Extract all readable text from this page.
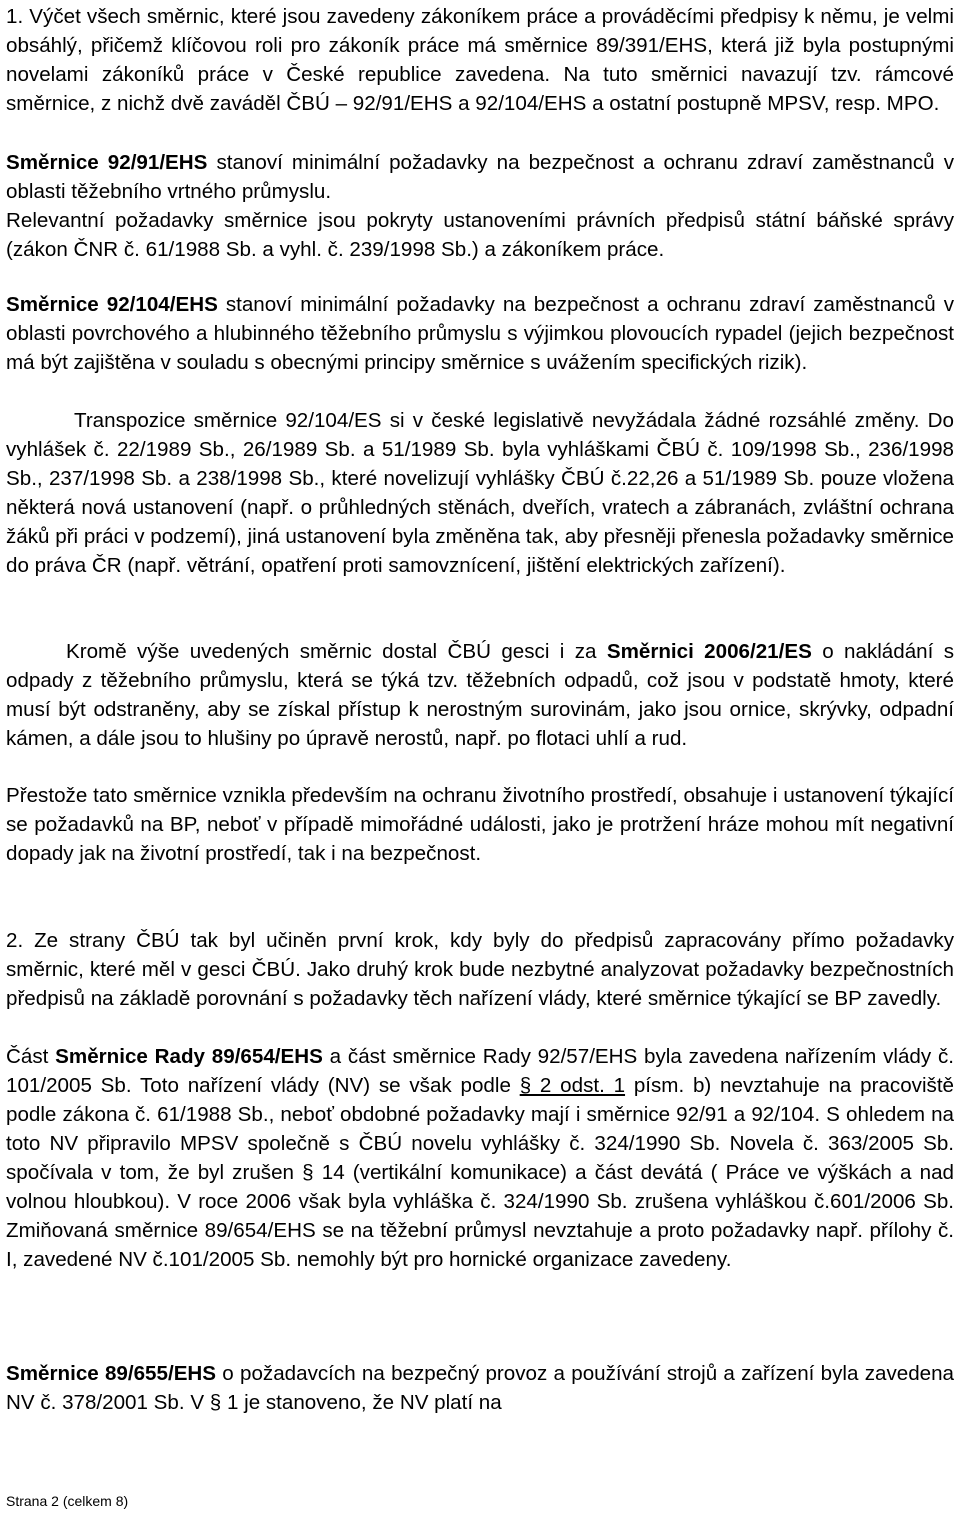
1. Výčet všech směrnic, které jsou zavedeny zákoníkem práce a prováděcími předpisy k němu, je velmi obsáhlý, přičemž klíčovou roli pro zákoník práce má směrnice 89/391/EHS, která již byla postupnými novelami zákoníků práce v České republice zavedena. Na tuto směrnici navazují tzv. rámcové směrnice, z nichž dvě zaváděl ČBÚ – 92/91/EHS a 92/104/EHS a ostatní postupně MPSV, resp. MPO.

Směrnice 92/91/EHS stanoví minimální požadavky na bezpečnost a ochranu zdraví zaměstnanců v oblasti těžebního vrtného průmyslu.

Relevantní požadavky směrnice jsou pokryty ustanoveními právních předpisů státní báňské správy (zákon ČNR č. 61/1988 Sb. a vyhl. č. 239/1998 Sb.) a zákoníkem práce.

Směrnice 92/104/EHS stanoví minimální požadavky na bezpečnost a ochranu zdraví zaměstnanců v oblasti povrchového a hlubinného těžebního průmyslu s výjimkou plovoucích rypadel (jejich bezpečnost má být zajištěna v souladu s obecnými principy směrnice s uvážením specifických rizik).

Transpozice směrnice 92/104/ES si v české legislativě nevyžádala žádné rozsáhlé změny. Do vyhlášek č. 22/1989 Sb., 26/1989 Sb. a 51/1989 Sb. byla vyhláškami ČBÚ č. 109/1998 Sb., 236/1998 Sb., 237/1998 Sb. a 238/1998 Sb., které novelizují vyhlášky ČBÚ č.22,26 a 51/1989 Sb. pouze vložena některá nová ustanovení (např. o průhledných stěnách, dveřích, vratech a zábranách, zvláštní ochrana žáků při práci v podzemí), jiná ustanovení byla změněna tak, aby přesněji přenesla požadavky směrnice do práva ČR (např. větrání, opatření proti samovznícení, jištění elektrických zařízení).

Kromě výše uvedených směrnic dostal ČBÚ gesci i za Směrnici 2006/21/ES o nakládání s odpady z těžebního průmyslu, která se týká tzv. těžebních odpadů, což jsou v podstatě hmoty, které musí být odstraněny, aby se získal přístup k nerostným surovinám, jako jsou ornice, skrývky, odpadní kámen, a dále jsou to hlušiny po úpravě nerostů, např. po flotaci uhlí a rud.

Přestože tato směrnice vznikla především na ochranu životního prostředí, obsahuje i ustanovení týkající se požadavků na BP, neboť v případě mimořádné události, jako je protržení hráze mohou mít negativní dopady jak na životní prostředí, tak i na bezpečnost.

2. Ze strany ČBÚ tak byl učiněn první krok, kdy byly do předpisů zapracovány přímo požadavky směrnic, které měl v gesci ČBÚ. Jako druhý krok bude nezbytné analyzovat požadavky bezpečnostních předpisů na základě porovnání s požadavky těch nařízení vlády, které směrnice týkající se BP zavedly.

Část Směrnice Rady 89/654/EHS a část směrnice Rady 92/57/EHS byla zavedena nařízením vlády č. 101/2005 Sb. Toto nařízení vlády (NV) se však podle § 2 odst. 1 písm. b) nevztahuje na pracoviště podle zákona č. 61/1988 Sb., neboť obdobné požadavky mají i směrnice 92/91 a 92/104. S ohledem na toto NV připravilo MPSV společně s ČBÚ novelu vyhlášky č. 324/1990 Sb. Novela č. 363/2005 Sb. spočívala v tom, že byl zrušen § 14 (vertikální komunikace) a část devátá ( Práce ve výškách a nad volnou hloubkou). V roce 2006 však byla vyhláška č. 324/1990 Sb. zrušena vyhláškou č.601/2006 Sb. Zmiňovaná směrnice 89/654/EHS se na těžební průmysl nevztahuje a proto požadavky např. přílohy č. I, zavedené NV č.101/2005 Sb. nemohly být pro hornické organizace zavedeny.

Směrnice 89/655/EHS o požadavcích na bezpečný provoz a používání strojů a zařízení byla zavedena NV č. 378/2001 Sb. V § 1 je stanoveno, že NV platí na

Strana 2 (celkem 8)
